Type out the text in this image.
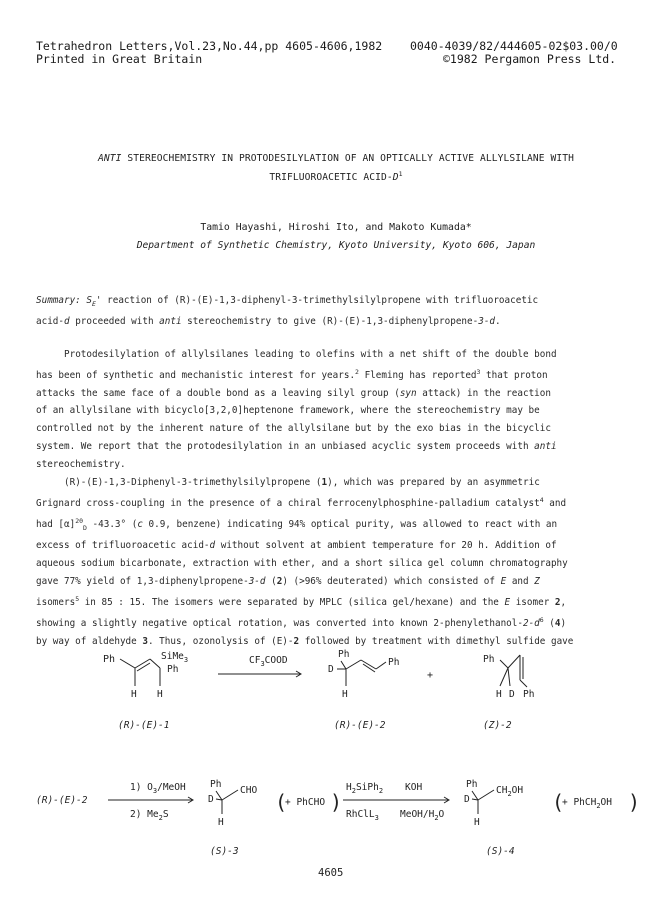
Tetrahedron Letters,Vol.23,No.44,pp 4605-4606,1982
Printed in Great Britain
0040-4039/82/444605-02$03.00/0
©1982 Pergamon Press Ltd.
ANTI STEREOCHEMISTRY IN PROTODESILYLATION OF AN OPTICALLY ACTIVE ALLYLSILANE WITH
TRIFLUOROACETIC ACID-$D^1$
Tamio Hayashi, Hiroshi Ito, and Makoto Kumada*
Department of Synthetic Chemistry, Kyoto University, Kyoto 606, Japan
Summary: $S_E'$ reaction of (R)-(E)-1,3-diphenyl-3-trimethylsilylpropene with trifluoroacetic
acid-d proceeded with anti stereochemistry to give (R)-(E)-1,3-diphenylpropene-3-d.
Protodesilylation of allylsilanes leading to olefins with a net shift of the double bond
has been of synthetic and mechanistic interest for years.$^2$ Fleming has reported$^3$ that proton
attacks the same face of a double bond as a leaving silyl group (syn attack) in the reaction
of an allylsilane with bicyclo[3,2,0]heptenone framework, where the stereochemistry may be
controlled not by the inherent nature of the allylsilane but by the exo bias in the bicyclic
system. We report that the protodesilylation in an unbiased acyclic system proceeds with anti
stereochemistry.
(R)-(E)-1,3-Diphenyl-3-trimethylsilylpropene (1), which was prepared by an asymmetric
Grignard cross-coupling in the presence of a chiral ferrocenylphosphine-palladium catalyst$^4$ and
had $[\alpha]^{20}_D$ -43.3° (c 0.9, benzene) indicating 94% optical purity, was allowed to react with an
excess of trifluoroacetic acid-d without solvent at ambient temperature for 20 h. Addition of
aqueous sodium bicarbonate, extraction with ether, and a short silica gel column chromatography
gave 77% yield of 1,3-diphenylpropene-3-d (2) (>96% deuterated) which consisted of E and Z
isomers$^5$ in 85 : 15. The isomers were separated by MPLC (silica gel/hexane) and the E isomer 2,
showing a slightly negative optical rotation, was converted into known $2-phenylethanol-2-d^6$ (4)
by way of aldehyde 3. Thus, ozonolysis of (E)-2 followed by treatment with dimethyl sulfide gave
Ph	SiMe$_3$
Ph
H H
(R)-(E)-1
$CF_3COOD$
Ph
D
Ph
H
(R)-(E)-2
+
Ph
H D Ph
(Z)-2
(R)-(E)-2
1) $O_3$/MeOH
2) $Me_2S$
Ph
D
CHO
H
(S)-3
(
+ PhCHO )
$H_2SiPh_2$
RhClL$_3$
KOH
MeOH/$H_2O$
Ph
D
$CH_2OH$
H
(S)-4
(
+ PhCH$_2$OH )
4605
